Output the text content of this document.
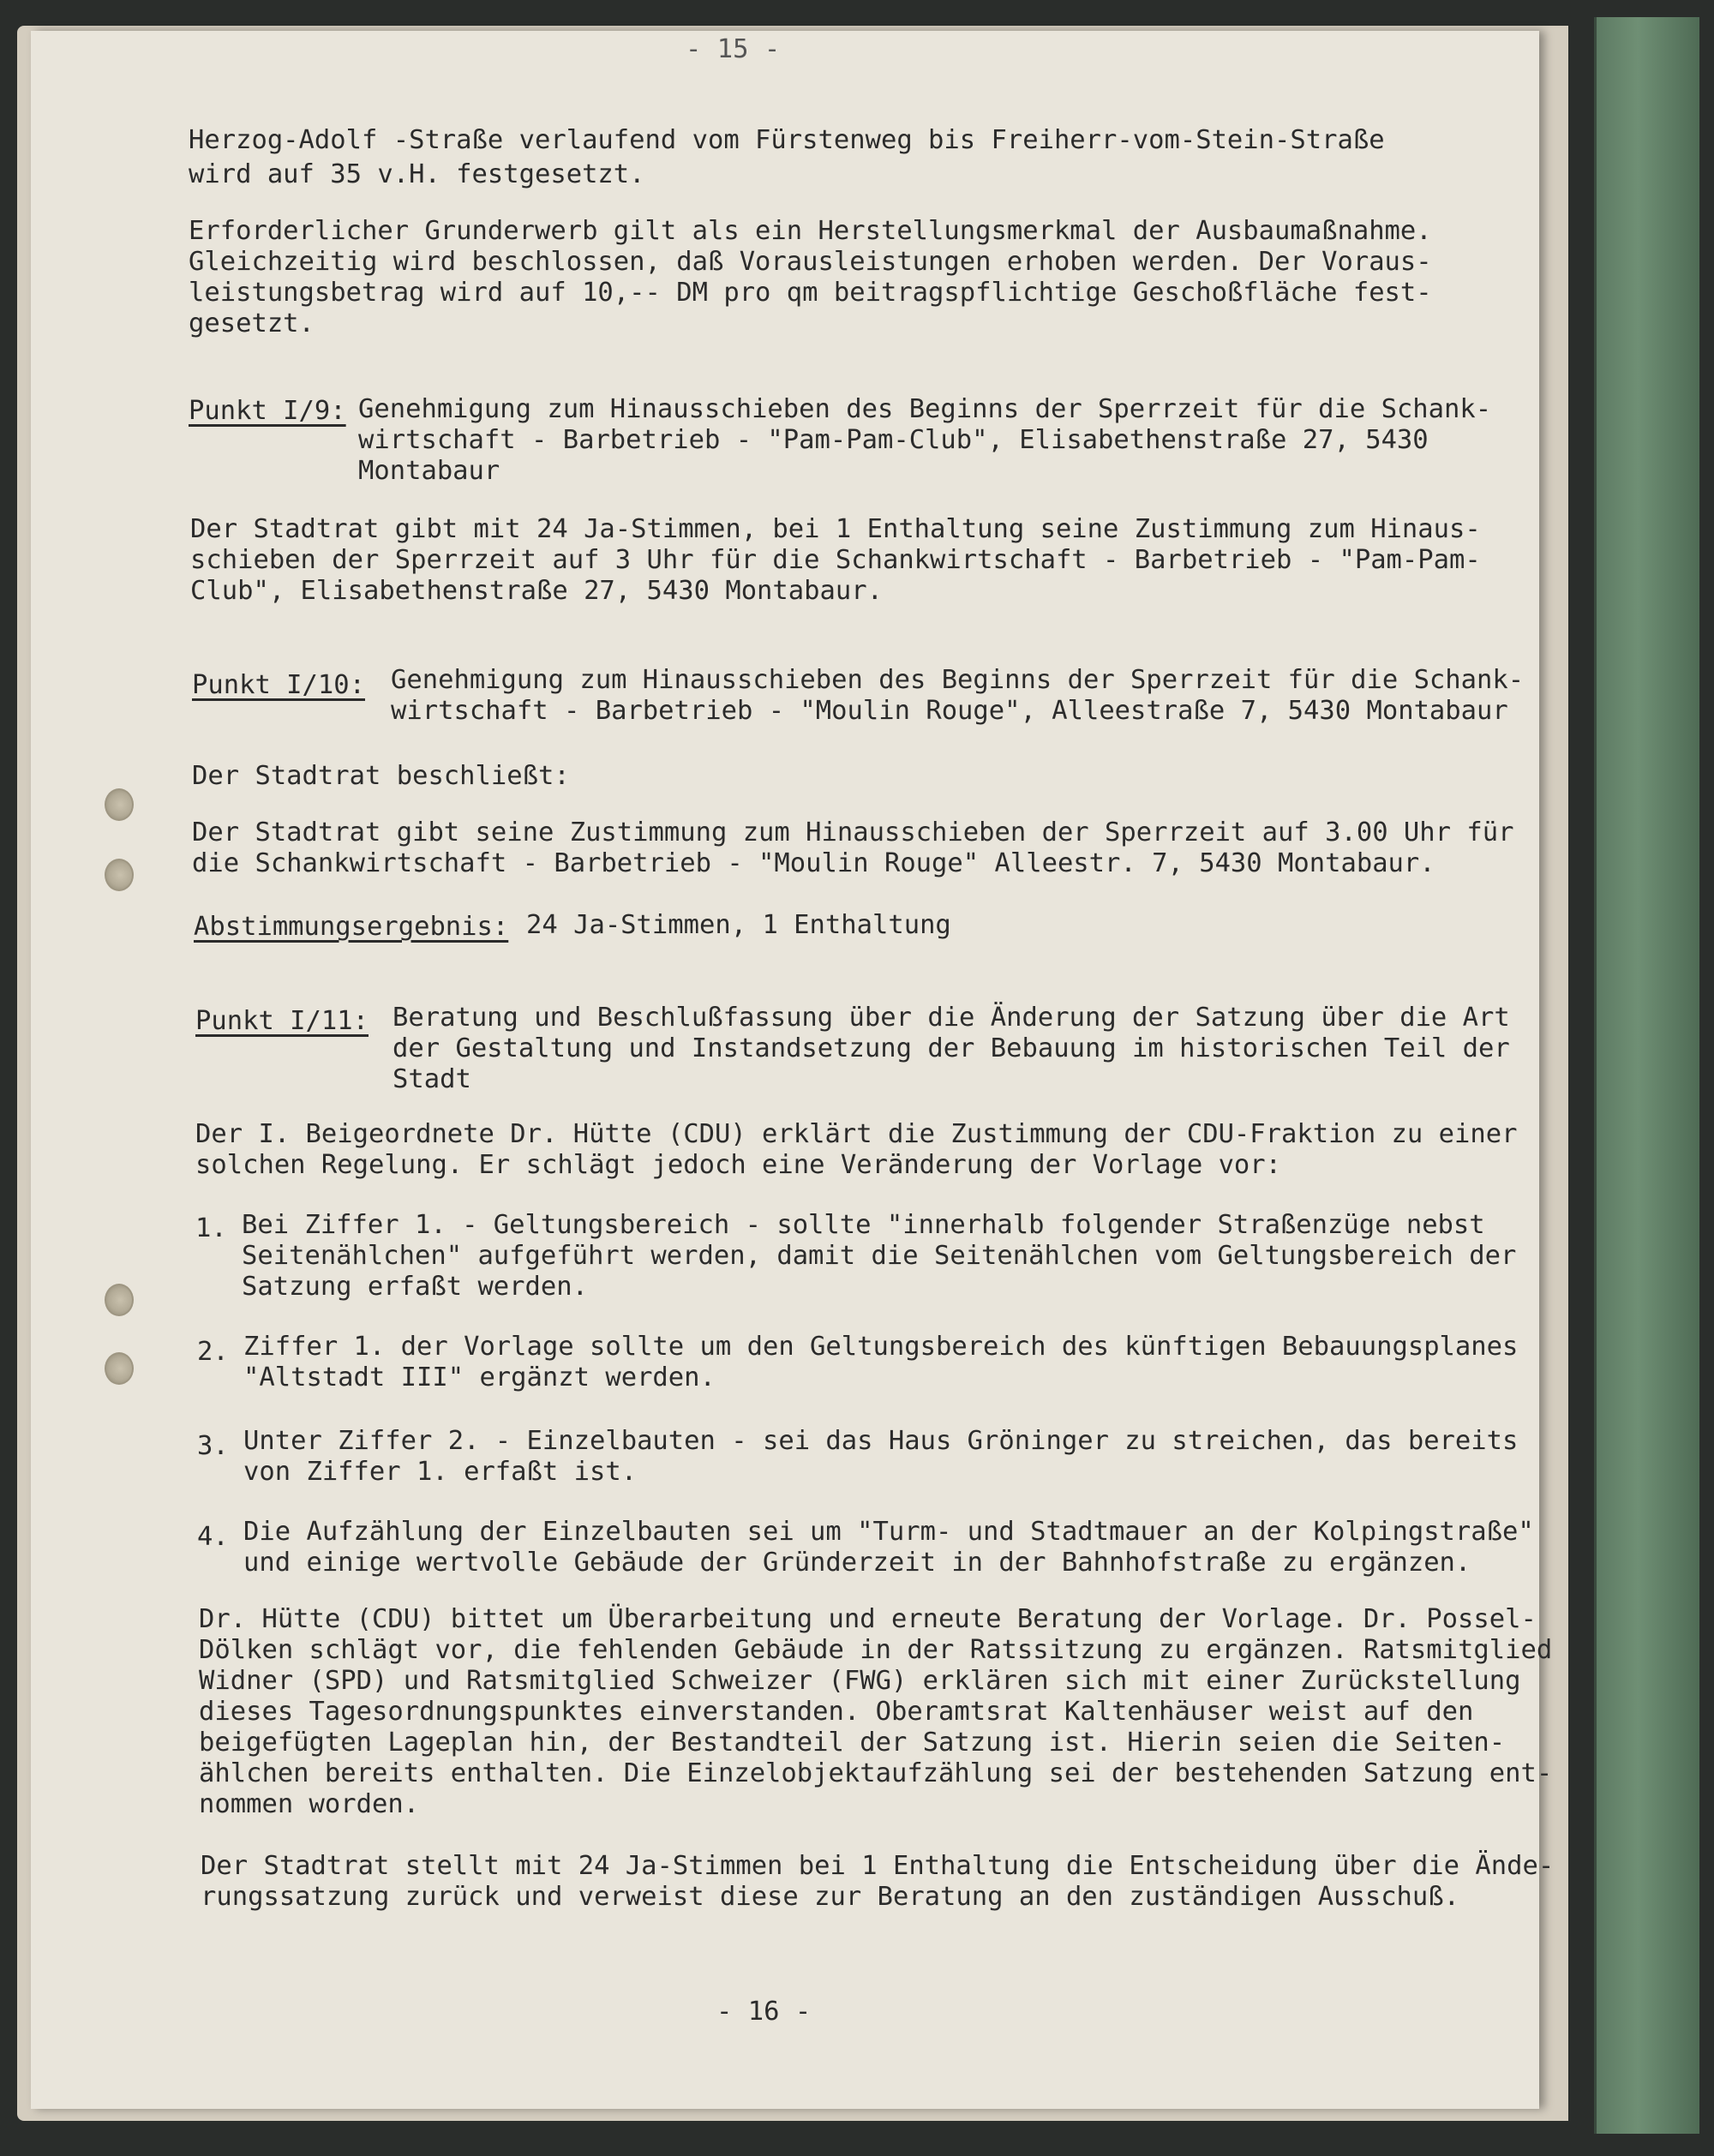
- 15 -
Herzog-Adolf -Straße verlaufend vom Fürstenweg bis Freiherr-vom-Stein-Straße
wird auf 35 v.H. festgesetzt.
Erforderlicher Grunderwerb gilt als ein Herstellungsmerkmal der Ausbaumaßnahme.
Gleichzeitig wird beschlossen, daß Vorausleistungen erhoben werden. Der Voraus-
leistungsbetrag wird auf 10,-- DM pro qm beitragspflichtige Geschoßfläche fest-
gesetzt.
Punkt I/9: Genehmigung zum Hinausschieben des Beginns der Sperrzeit für die Schank-
wirtschaft - Barbetrieb - "Pam-Pam-Club", Elisabethenstraße 27, 5430
Montabaur
Der Stadtrat gibt mit 24 Ja-Stimmen, bei 1 Enthaltung seine Zustimmung zum Hinaus-
schieben der Sperrzeit auf 3 Uhr für die Schankwirtschaft - Barbetrieb - "Pam-Pam-
Club", Elisabethenstraße 27, 5430 Montabaur.
Punkt I/10: Genehmigung zum Hinausschieben des Beginns der Sperrzeit für die Schank-
wirtschaft - Barbetrieb - "Moulin Rouge", Alleestraße 7, 5430 Montabaur
Der Stadtrat beschließt:
Der Stadtrat gibt seine Zustimmung zum Hinausschieben der Sperrzeit auf 3.00 Uhr für
die Schankwirtschaft - Barbetrieb - "Moulin Rouge" Alleestr. 7, 5430 Montabaur.
Abstimmungsergebnis: 24 Ja-Stimmen, 1 Enthaltung
Punkt I/11: Beratung und Beschlußfassung über die Änderung der Satzung über die Art
der Gestaltung und Instandsetzung der Bebauung im historischen Teil der
Stadt
Der I. Beigeordnete Dr. Hütte (CDU) erklärt die Zustimmung der CDU-Fraktion zu einer
solchen Regelung. Er schlägt jedoch eine Veränderung der Vorlage vor:
1. Bei Ziffer 1. - Geltungsbereich - sollte "innerhalb folgender Straßenzüge nebst
Seitenählchen" aufgeführt werden, damit die Seitenählchen vom Geltungsbereich der
Satzung erfaßt werden.
2. Ziffer 1. der Vorlage sollte um den Geltungsbereich des künftigen Bebauungsplanes
"Altstadt III" ergänzt werden.
3. Unter Ziffer 2. - Einzelbauten - sei das Haus Gröninger zu streichen, das bereits
von Ziffer 1. erfaßt ist.
4. Die Aufzählung der Einzelbauten sei um "Turm- und Stadtmauer an der Kolpingstraße"
und einige wertvolle Gebäude der Gründerzeit in der Bahnhofstraße zu ergänzen.
Dr. Hütte (CDU) bittet um Überarbeitung und erneute Beratung der Vorlage. Dr. Possel-
Dölken schlägt vor, die fehlenden Gebäude in der Ratssitzung zu ergänzen. Ratsmitglied
Widner (SPD) und Ratsmitglied Schweizer (FWG) erklären sich mit einer Zurückstellung
dieses Tagesordnungspunktes einverstanden. Oberamtsrat Kaltenhäuser weist auf den
beigefügten Lageplan hin, der Bestandteil der Satzung ist. Hierin seien die Seiten-
ählchen bereits enthalten. Die Einzelobjektaufzählung sei der bestehenden Satzung ent-
nommen worden.
Der Stadtrat stellt mit 24 Ja-Stimmen bei 1 Enthaltung die Entscheidung über die Ände-
rungssatzung zurück und verweist diese zur Beratung an den zuständigen Ausschuß.
- 16 -
